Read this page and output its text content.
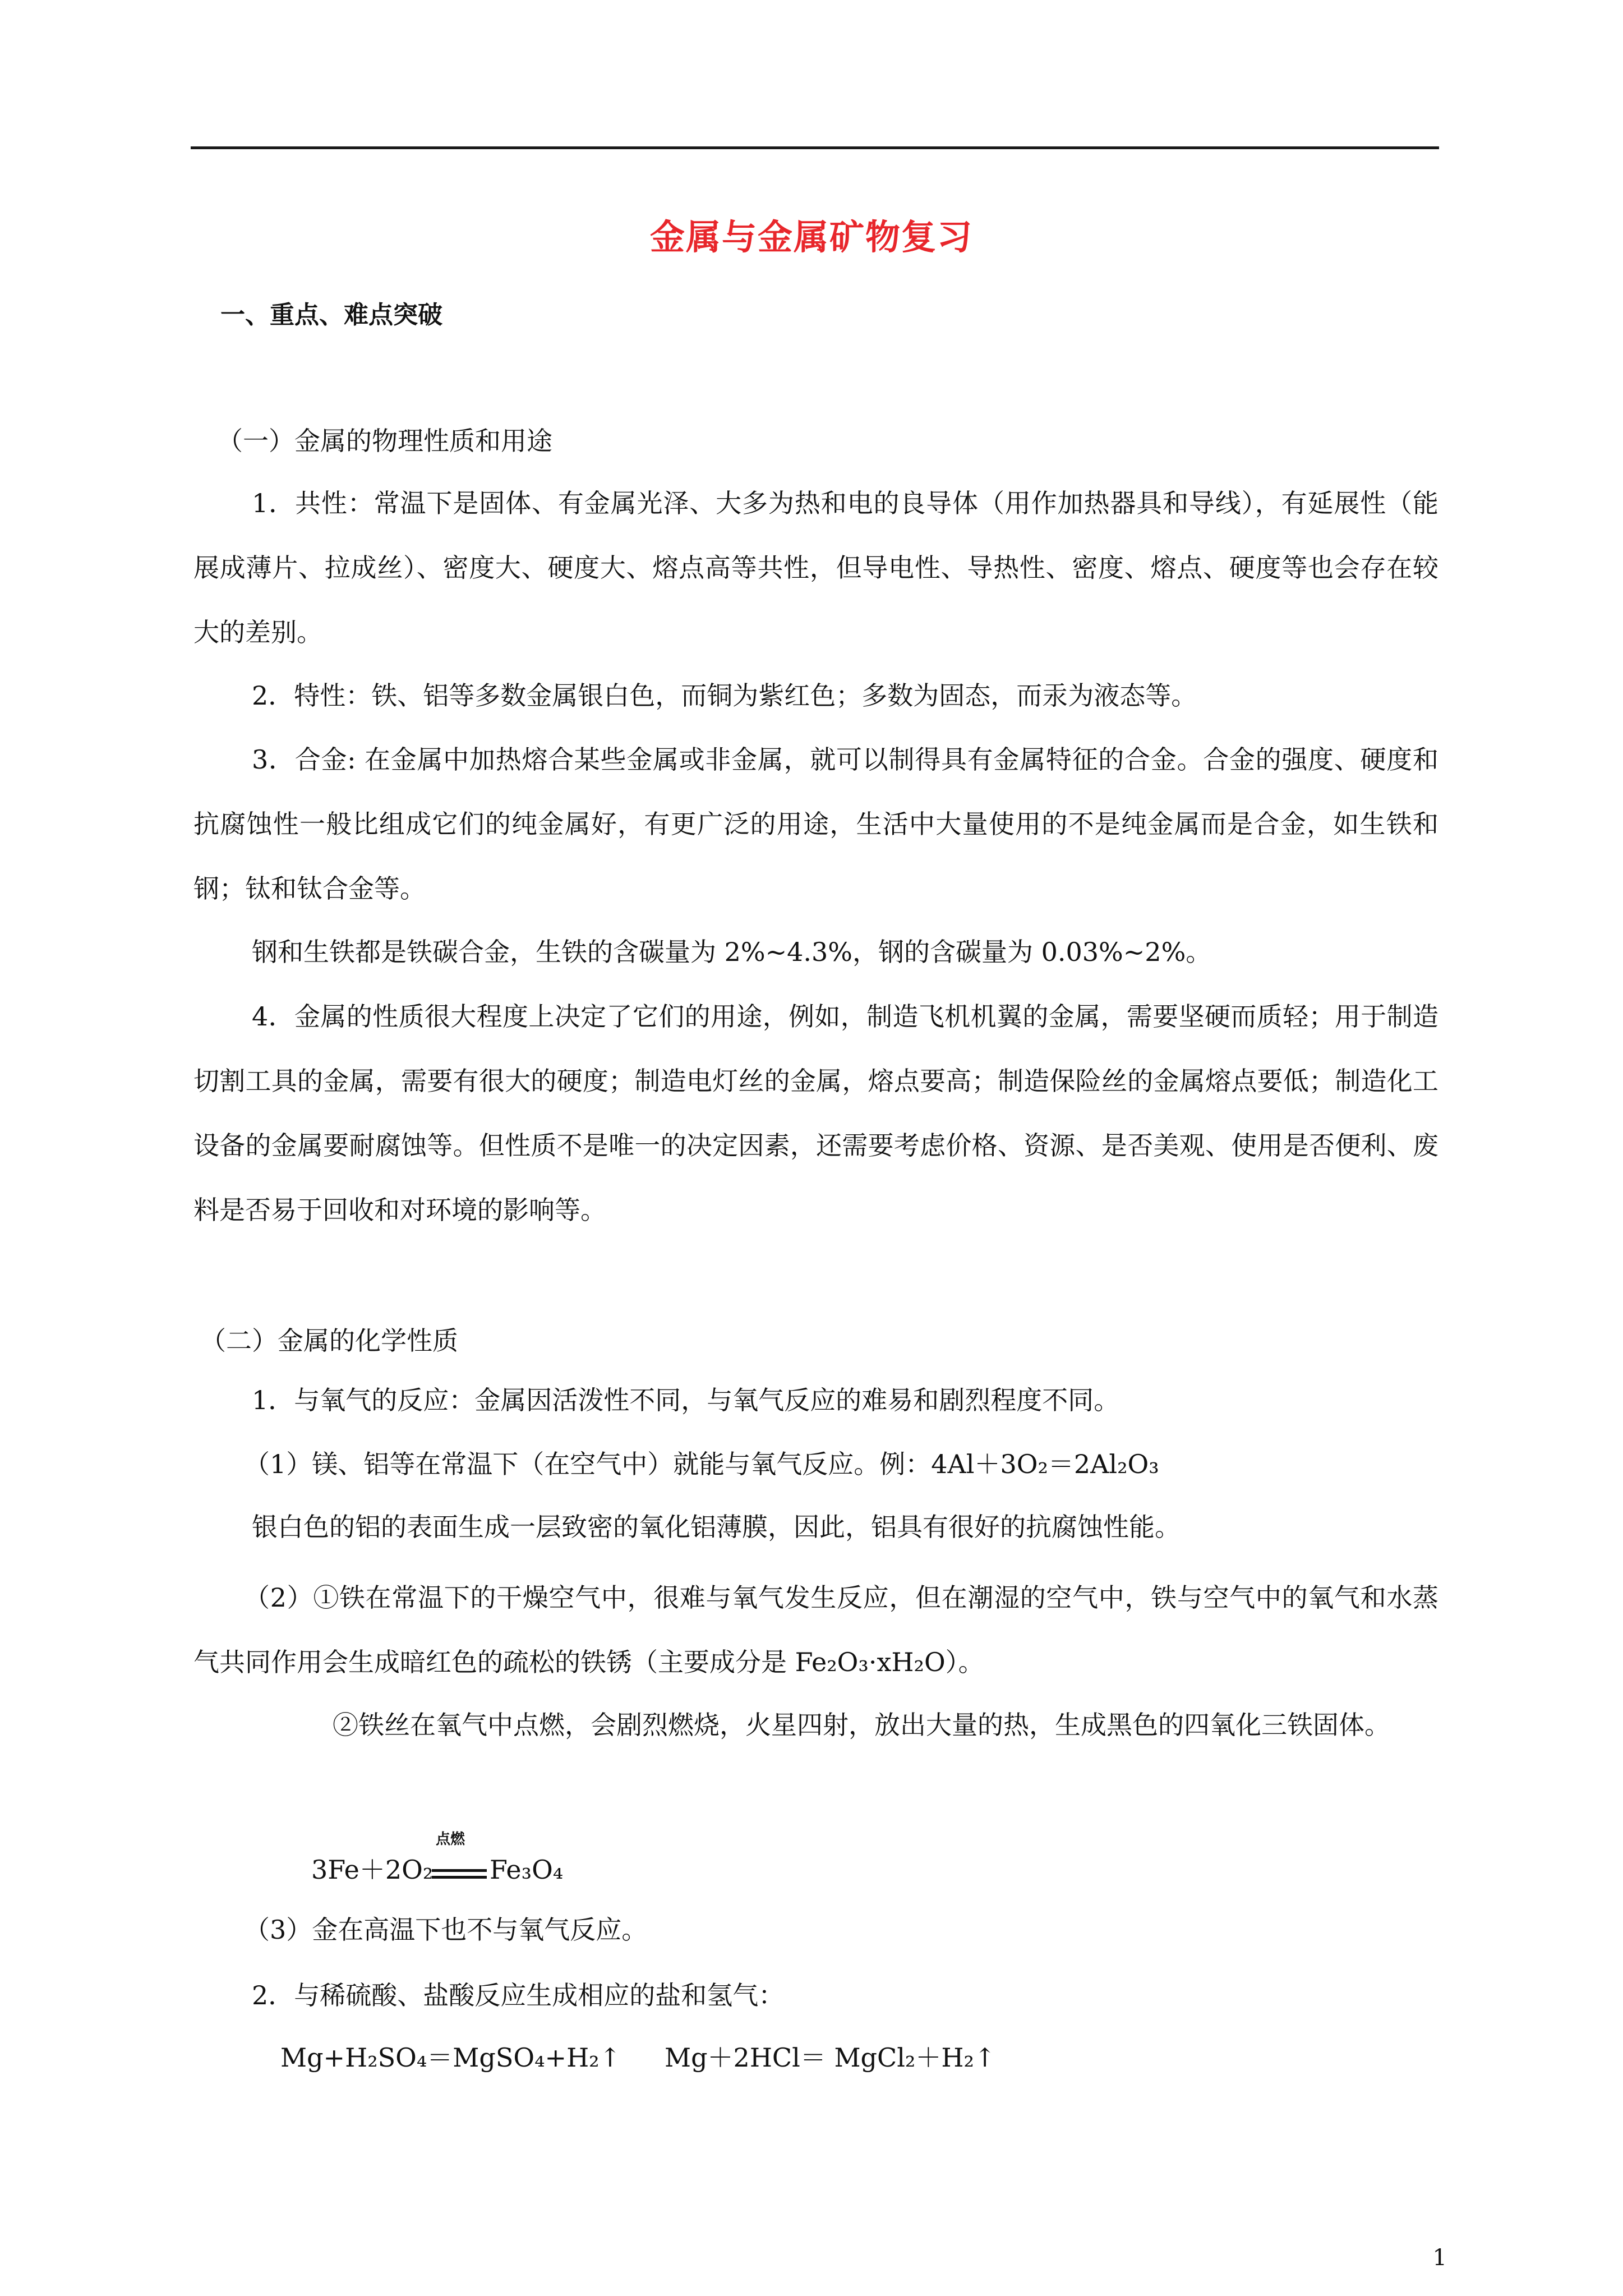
金属与金属矿物复习
一、重点、难点突破
（一）金属的物理性质和用途
1．共性：常温下是固体、有金属光泽、大多为热和电的良导体（用作加热器具和导线），有延展性（能展成薄片、拉成丝）、密度大、硬度大、熔点高等共性，但导电性、导热性、密度、熔点、硬度等也会存在较大的差别。
2．特性：铁、铝等多数金属银白色，而铜为紫红色；多数为固态，而汞为液态等。
3．合金: 在金属中加热熔合某些金属或非金属，就可以制得具有金属特征的合金。合金的强度、硬度和抗腐蚀性一般比组成它们的纯金属好，有更广泛的用途，生活中大量使用的不是纯金属而是合金，如生铁和钢；钛和钛合金等。
钢和生铁都是铁碳合金，生铁的含碳量为 2%~4.3%，钢的含碳量为 0.03%~2%。
4．金属的性质很大程度上决定了它们的用途，例如，制造飞机机翼的金属，需要坚硬而质轻；用于制造切割工具的金属，需要有很大的硬度；制造电灯丝的金属，熔点要高；制造保险丝的金属熔点要低；制造化工设备的金属要耐腐蚀等。但性质不是唯一的决定因素，还需要考虑价格、资源、是否美观、使用是否便利、废料是否易于回收和对环境的影响等。
（二）金属的化学性质
1．与氧气的反应：金属因活泼性不同，与氧气反应的难易和剧烈程度不同。
（1）镁、铝等在常温下（在空气中）就能与氧气反应。例：4Al＋3O₂＝2Al₂O₃
银白色的铝的表面生成一层致密的氧化铝薄膜，因此，铝具有很好的抗腐蚀性能。
（2）①铁在常温下的干燥空气中，很难与氧气发生反应，但在潮湿的空气中，铁与空气中的氧气和水蒸气共同作用会生成暗红色的疏松的铁锈（主要成分是 Fe₂O₃·xH₂O）。
②铁丝在氧气中点燃，会剧烈燃烧，火星四射，放出大量的热，生成黑色的四氧化三铁固体。
点燃
3Fe＋2O₂ Fe₃O₄
（3）金在高温下也不与氧气反应。
2．与稀硫酸、盐酸反应生成相应的盐和氢气：
Mg+H₂SO₄＝MgSO₄+H₂↑ Mg＋2HCl＝ MgCl₂＋H₂↑
1
